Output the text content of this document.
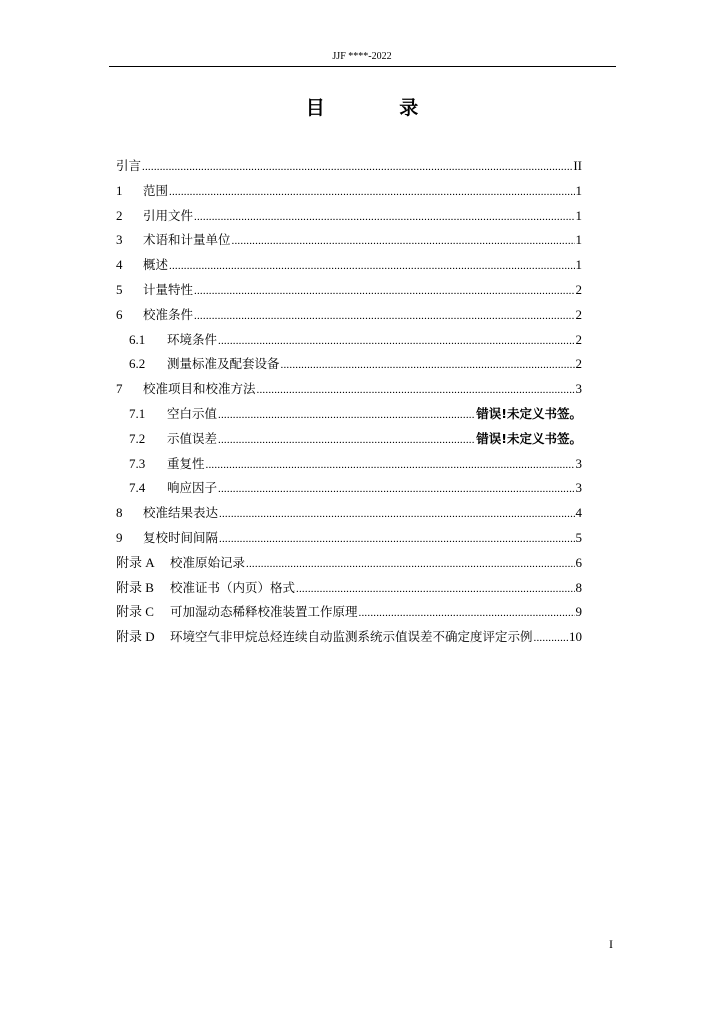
JJF ****-2022
目 录
引言 .....	II
1	范围 .....	1
2	引用文件 .....	1
3	术语和计量单位 .....	1
4	概述 .....	1
5	计量特性 .....	2
6	校准条件 .....	2
6.1	环境条件 .....	2
6.2	测量标准及配套设备 .....	2
7	校准项目和校准方法 .....	3
7.1	空白示值 .....	错误!未定义书签。
7.2	示值误差 .....	错误!未定义书签。
7.3	重复性 .....	3
7.4	响应因子 .....	3
8	校准结果表达 .....	4
9	复校时间间隔 .....	5
附录 A	校准原始记录 .....	6
附录 B	校准证书（内页）格式 .....	8
附录 C	可加湿动态稀释校准装置工作原理 .....	9
附录 D	环境空气非甲烷总烃连续自动监测系统示值误差不确定度评定示例 .....	10
I
